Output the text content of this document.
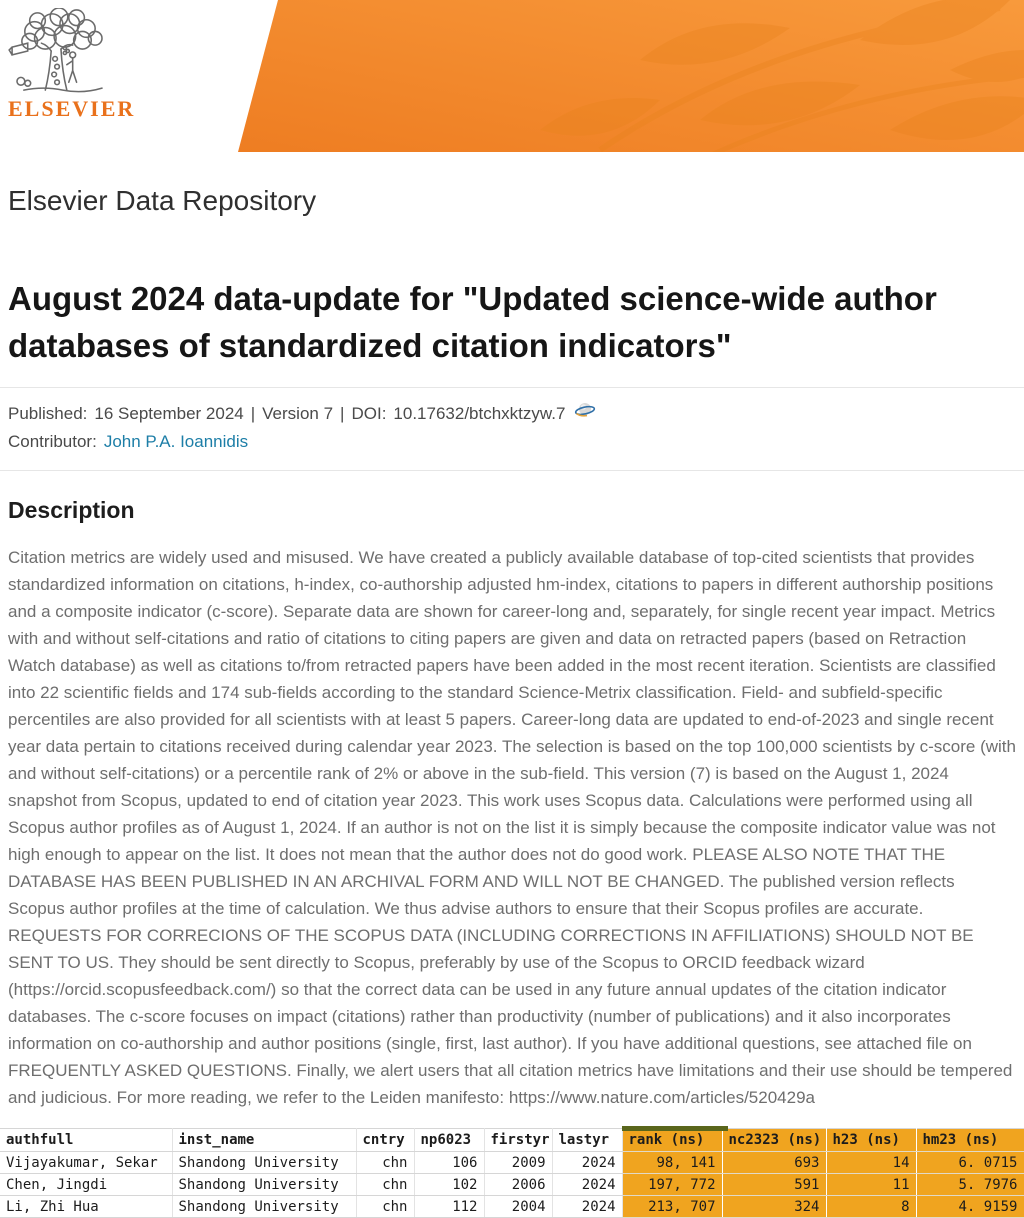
ELSEVIER
Elsevier Data Repository
August 2024 data-update for "Updated science-wide author databases of standardized citation indicators"
Published: 16 September 2024 | Version 7 | DOI: 10.17632/btchxktzyw.7
Contributor: John P.A. Ioannidis
Description

Citation metrics are widely used and misused. We have created a publicly available database of top-cited scientists that provides standardized information on citations, h-index, co-authorship adjusted hm-index, citations to papers in different authorship positions and a composite indicator (c-score). Separate data are shown for career-long and, separately, for single recent year impact. Metrics with and without self-citations and ratio of citations to citing papers are given and data on retracted papers (based on Retraction Watch database) as well as citations to/from retracted papers have been added in the most recent iteration. Scientists are classified into 22 scientific fields and 174 sub-fields according to the standard Science-Metrix classification. Field- and subfield-specific percentiles are also provided for all scientists with at least 5 papers. Career-long data are updated to end-of-2023 and single recent year data pertain to citations received during calendar year 2023. The selection is based on the top 100,000 scientists by c-score (with and without self-citations) or a percentile rank of 2% or above in the sub-field. This version (7) is based on the August 1, 2024 snapshot from Scopus, updated to end of citation year 2023. This work uses Scopus data. Calculations were performed using all Scopus author profiles as of August 1, 2024. If an author is not on the list it is simply because the composite indicator value was not high enough to appear on the list. It does not mean that the author does not do good work. PLEASE ALSO NOTE THAT THE DATABASE HAS BEEN PUBLISHED IN AN ARCHIVAL FORM AND WILL NOT BE CHANGED. The published version reflects Scopus author profiles at the time of calculation. We thus advise authors to ensure that their Scopus profiles are accurate. REQUESTS FOR CORRECIONS OF THE SCOPUS DATA (INCLUDING CORRECTIONS IN AFFILIATIONS) SHOULD NOT BE SENT TO US. They should be sent directly to Scopus, preferably by use of the Scopus to ORCID feedback wizard (https://orcid.scopusfeedback.com/) so that the correct data can be used in any future annual updates of the citation indicator databases. The c-score focuses on impact (citations) rather than productivity (number of publications) and it also incorporates information on co-authorship and author positions (single, first, last author). If you have additional questions, see attached file on FREQUENTLY ASKED QUESTIONS. Finally, we alert users that all citation metrics have limitations and their use should be tempered and judicious. For more reading, we refer to the Leiden manifesto: https://www.nature.com/articles/520429a

authfull	inst_name	cntry	np6023	firstyr	lastyr	rank (ns)	nc2323 (ns)	h23 (ns)	hm23 (ns)
Vijayakumar, Sekar	Shandong University	chn	106	2009	2024	98, 141	693	14	6. 0715
Chen, Jingdi	Shandong University	chn	102	2006	2024	197, 772	591	11	5. 7976
Li, Zhi Hua	Shandong University	chn	112	2004	2024	213, 707	324	8	4. 9159
